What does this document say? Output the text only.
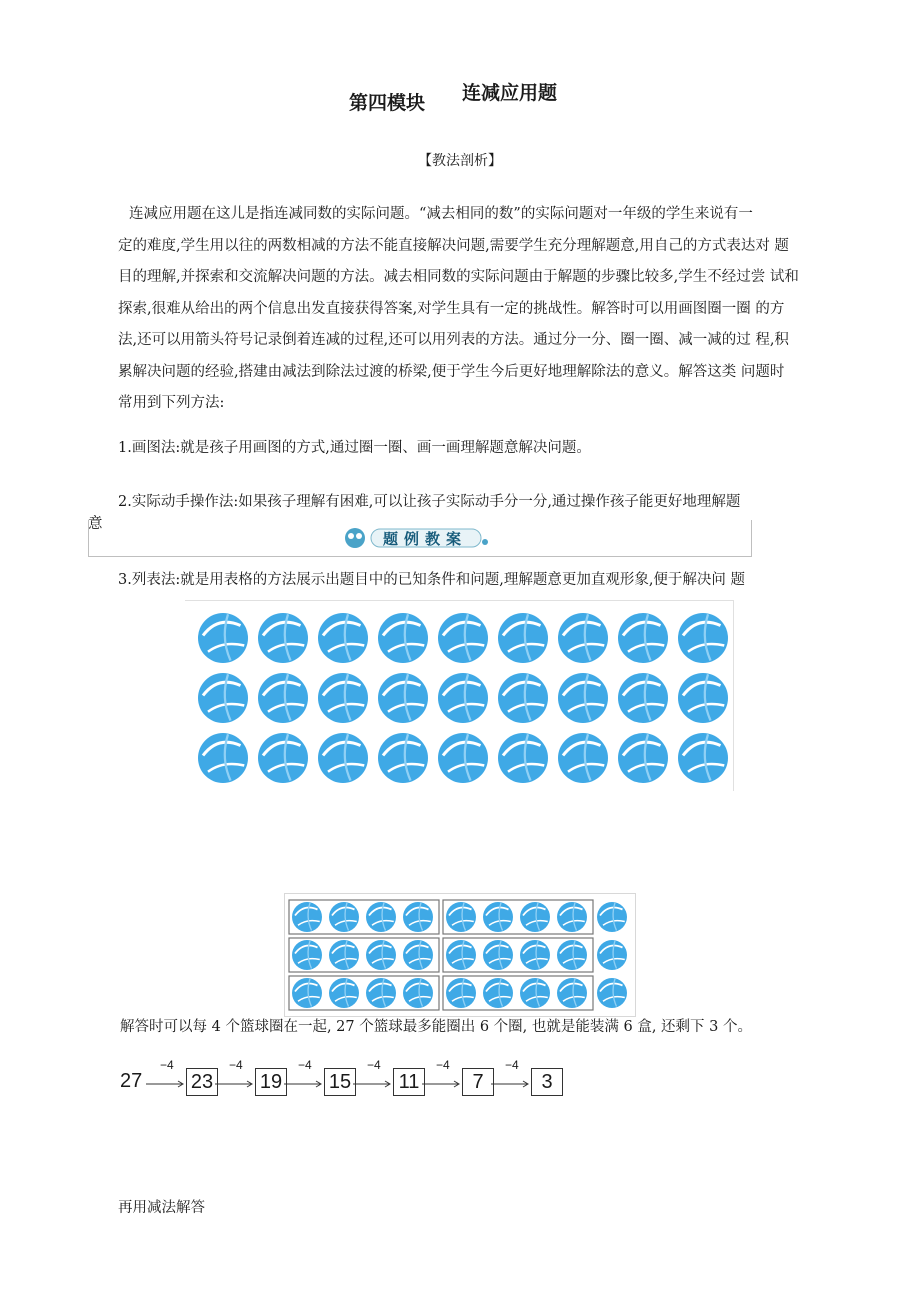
第四模块 连减应用题
【教法剖析】
　　连减应用题在这儿是指连减同数的实际问题。“减去相同的数”的实际问题对一年级的学生来说有一
定的难度,学生用以往的两数相减的方法不能直接解决问题,需要学生充分理解题意,用自己的方式表达对 题
目的理解,并探索和交流解决问题的方法。减去相同数的实际问题由于解题的步骤比较多,学生不经过尝 试和
探索,很难从给出的两个信息出发直接获得答案,对学生具有一定的挑战性。解答时可以用画图圈一圈 的方
法,还可以用箭头符号记录倒着连减的过程,还可以用列表的方法。通过分一分、圈一圈、减一减的过 程,积
累解决问题的经验,搭建由减法到除法过渡的桥梁,便于学生今后更好地理解除法的意义。解答这类 问题时
常用到下列方法:
1.画图法:就是孩子用画图的方式,通过圈一圈、画一画理解题意解决问题。
2.实际动手操作法:如果孩子理解有困难,可以让孩子实际动手分一分,通过操作孩子能更好地理解题
意
题例教案
3.列表法:就是用表格的方法展示出题目中的已知条件和问题,理解题意更加直观形象,便于解决问 题
解答时可以每 4 个篮球圈在一起, 27 个篮球最多能圈出 6 个圈, 也就是能装满 6 盒, 还剩下 3 个。
27
−4
23
−4
19
−4
15
−4
11
−4
7
−4
3
再用减法解答
